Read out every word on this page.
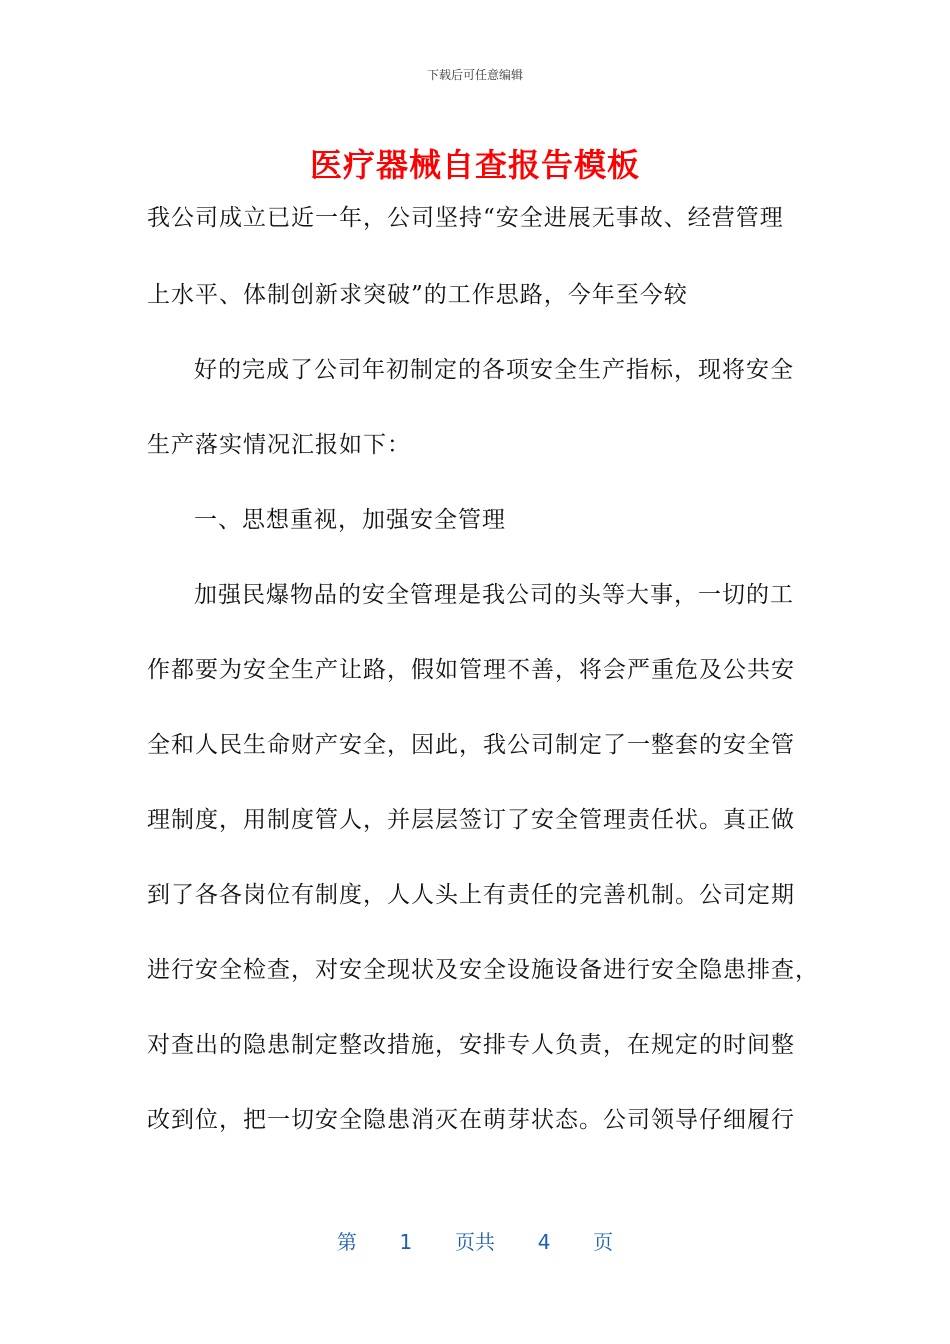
下载后可任意编辑
医疗器械自查报告模板
我公司成立已近一年，公司坚持“安全进展无事故、经营管理
上水平、体制创新求突破”的工作思路，今年至今较
好的完成了公司年初制定的各项安全生产指标，现将安全
生产落实情况汇报如下：
一、思想重视，加强安全管理
加强民爆物品的安全管理是我公司的头等大事，一切的工
作都要为安全生产让路，假如管理不善，将会严重危及公共安
全和人民生命财产安全，因此，我公司制定了一整套的安全管
理制度，用制度管人，并层层签订了安全管理责任状。真正做
到了各各岗位有制度，人人头上有责任的完善机制。公司定期
进行安全检查，对安全现状及安全设施设备进行安全隐患排查，
对查出的隐患制定整改措施，安排专人负责，在规定的时间整
改到位，把一切安全隐患消灭在萌芽状态。公司领导仔细履行
第 1 页共 4 页
